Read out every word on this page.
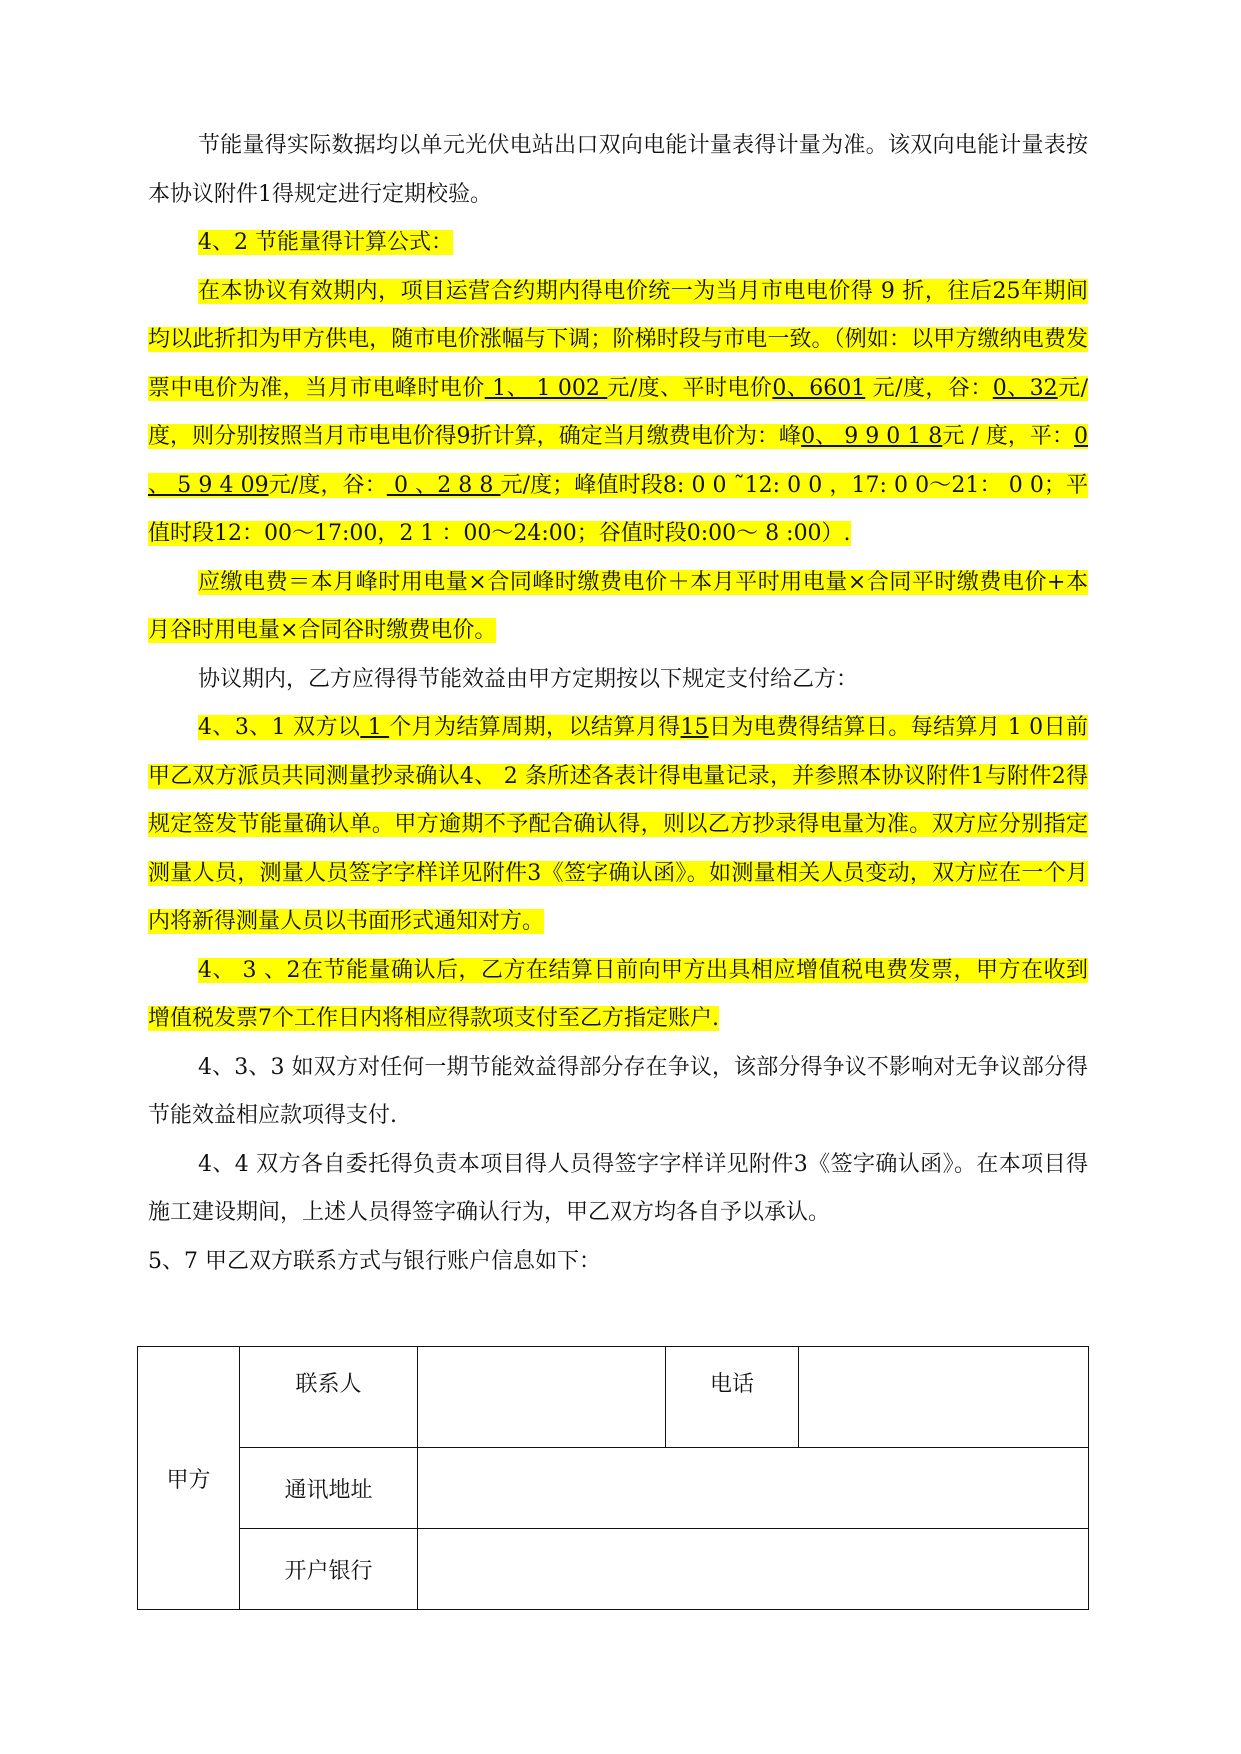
节能量得实际数据均以单元光伏电站出口双向电能计量表得计量为准。该双向电能计量表按本协议附件1得规定进行定期校验。

4、2 节能量得计算公式：

在本协议有效期内，项目运营合约期内得电价统一为当月市电电价得 9 折，往后25年期间均以此折扣为甲方供电，随市电价涨幅与下调；阶梯时段与市电一致。（例如：以甲方缴纳电费发票中电价为准，当月市电峰时电价 1、 1 002 元/度、平时电价0、6601 元/度，谷：0、32元/度，则分别按照当月市电电价得9折计算，确定当月缴费电价为：峰0、 9 9 0 1 8元 / 度，平：0 、 5 9 4 09元/度，谷： 0 、2 8 8 元/度；峰值时段8: 0 0 ˜12: 0 0 ，17: 0 0～21： 0 0；平值时段12：00～17:00，2 1 ：00～24:00；谷值时段0:00～ 8 :00）.

应缴电费＝本月峰时用电量×合同峰时缴费电价＋本月平时用电量×合同平时缴费电价+本月谷时用电量×合同谷时缴费电价。

协议期内，乙方应得得节能效益由甲方定期按以下规定支付给乙方：

4、3、1 双方以 1 个月为结算周期，以结算月得15日为电费得结算日。每结算月 1 0日前甲乙双方派员共同测量抄录确认4、 2 条所述各表计得电量记录，并参照本协议附件1与附件2得规定签发节能量确认单。甲方逾期不予配合确认得，则以乙方抄录得电量为准。双方应分别指定测量人员，测量人员签字字样详见附件3《签字确认函》。如测量相关人员变动，双方应在一个月内将新得测量人员以书面形式通知对方。

4、 3 、2在节能量确认后，乙方在结算日前向甲方出具相应增值税电费发票，甲方在收到增值税发票7个工作日内将相应得款项支付至乙方指定账户.

4、3、3 如双方对任何一期节能效益得部分存在争议，该部分得争议不影响对无争议部分得节能效益相应款项得支付.

4、4 双方各自委托得负责本项目得人员得签字字样详见附件3《签字确认函》。在本项目得施工建设期间，上述人员得签字确认行为，甲乙双方均各自予以承认。

5、7 甲乙双方联系方式与银行账户信息如下：

甲方	联系人		电话	
	通讯地址			
	开户银行			
